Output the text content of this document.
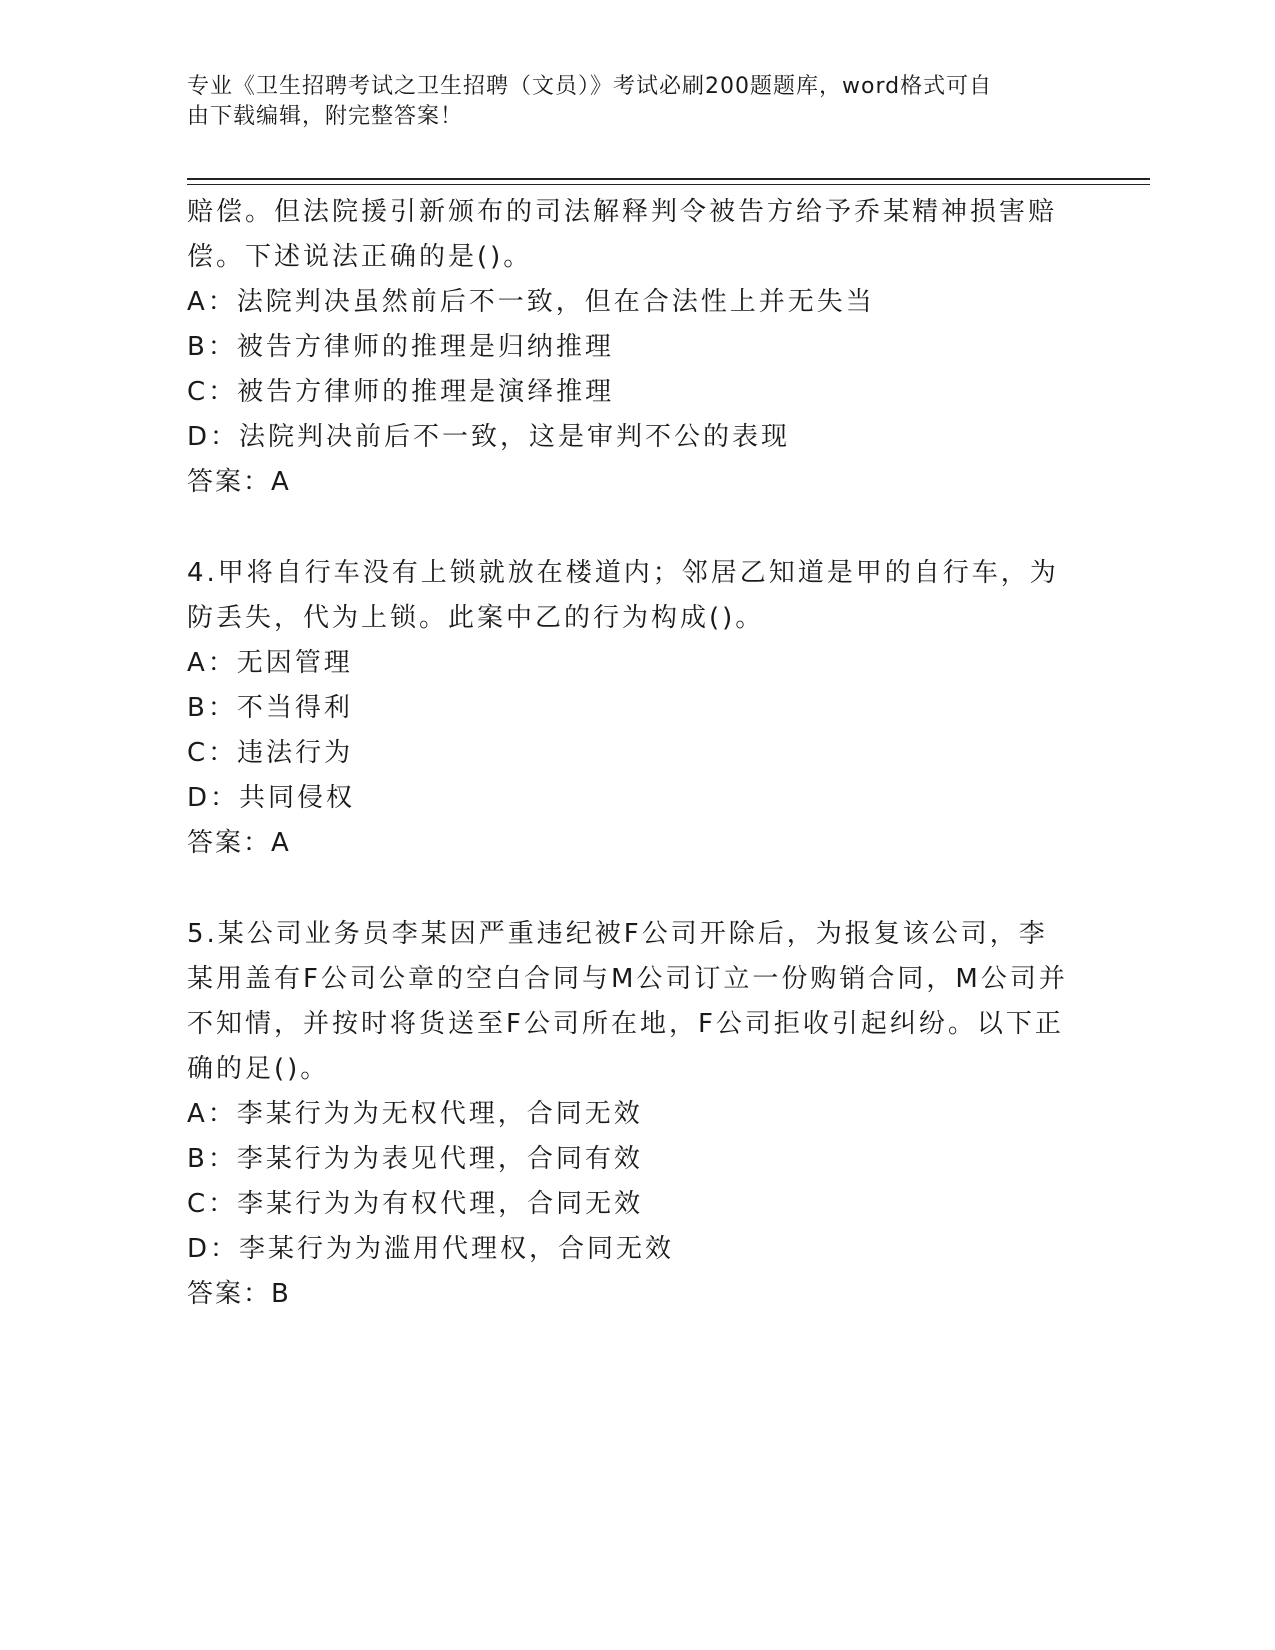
专业《卫生招聘考试之卫生招聘（文员）》考试必刷200题题库，word格式可自
由下载编辑，附完整答案！
赔偿。但法院援引新颁布的司法解释判令被告方给予乔某精神损害赔
偿。下述说法正确的是()。
A：法院判决虽然前后不一致，但在合法性上并无失当
B：被告方律师的推理是归纳推理
C：被告方律师的推理是演绎推理
D：法院判决前后不一致，这是审判不公的表现
答案：A
4.甲将自行车没有上锁就放在楼道内；邻居乙知道是甲的自行车，为
防丢失，代为上锁。此案中乙的行为构成()。
A：无因管理
B：不当得利
C：违法行为
D：共同侵权
答案：A
5.某公司业务员李某因严重违纪被F公司开除后，为报复该公司，李
某用盖有F公司公章的空白合同与M公司订立一份购销合同，M公司并
不知情，并按时将货送至F公司所在地，F公司拒收引起纠纷。以下正
确的足()。
A：李某行为为无权代理，合同无效
B：李某行为为表见代理，合同有效
C：李某行为为有权代理，合同无效
D：李某行为为滥用代理权，合同无效
答案：B
